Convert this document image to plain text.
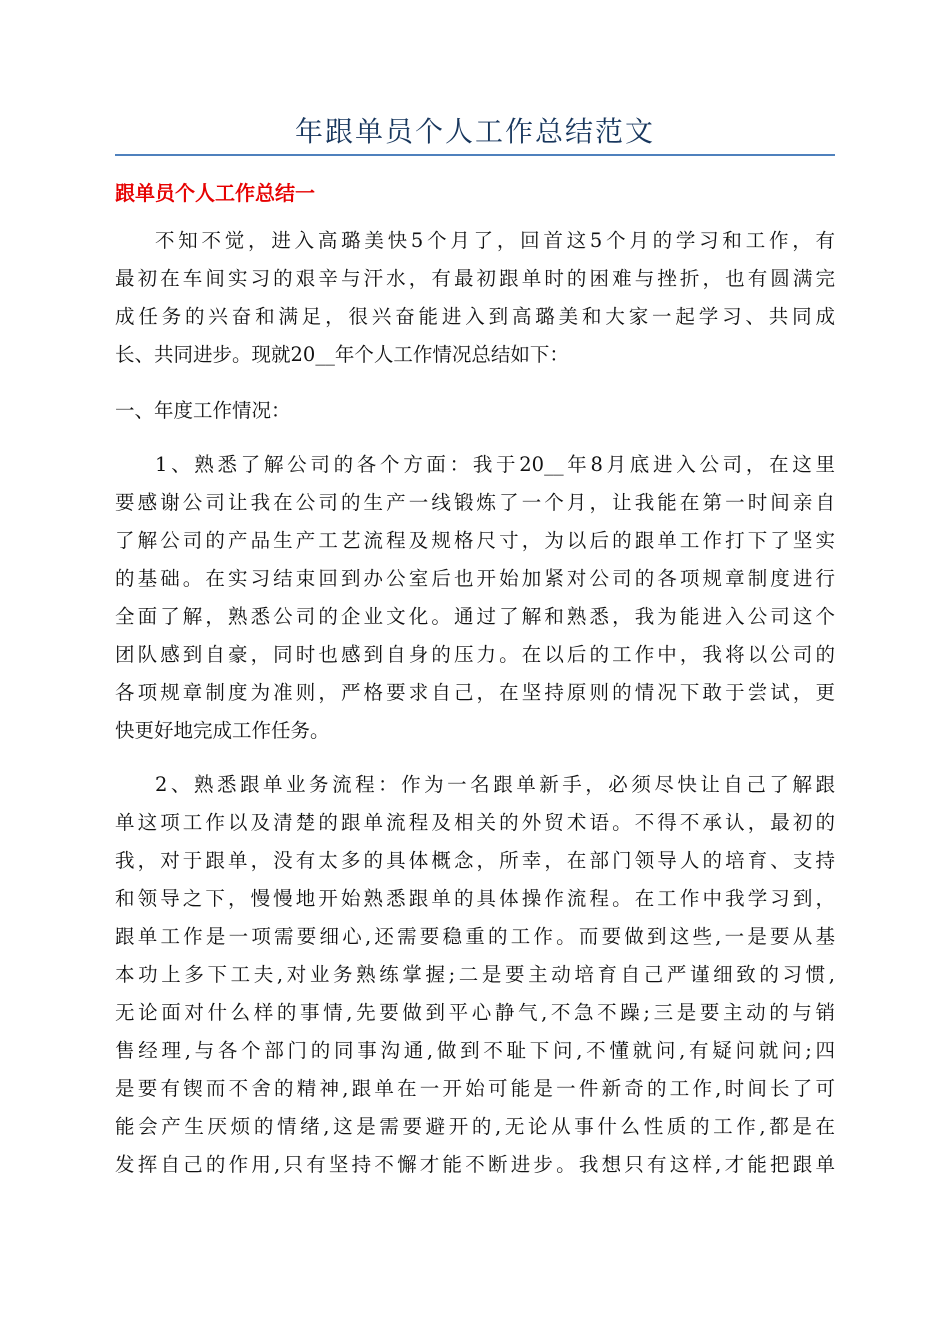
年跟单员个人工作总结范文
跟单员个人工作总结一
不知不觉，进入高璐美快5个月了，回首这5个月的学习和工作，有
最初在车间实习的艰辛与汗水，有最初跟单时的困难与挫折，也有圆满完
成任务的兴奋和满足，很兴奋能进入到高璐美和大家一起学习、共同成
长、共同进步。现就20__年个人工作情况总结如下：
一、年度工作情况：
1、熟悉了解公司的各个方面：我于20__年8月底进入公司，在这里
要感谢公司让我在公司的生产一线锻炼了一个月，让我能在第一时间亲自
了解公司的产品生产工艺流程及规格尺寸，为以后的跟单工作打下了坚实
的基础。在实习结束回到办公室后也开始加紧对公司的各项规章制度进行
全面了解，熟悉公司的企业文化。通过了解和熟悉，我为能进入公司这个
团队感到自豪，同时也感到自身的压力。在以后的工作中，我将以公司的
各项规章制度为准则，严格要求自己，在坚持原则的情况下敢于尝试，更
快更好地完成工作任务。
2、熟悉跟单业务流程：作为一名跟单新手，必须尽快让自己了解跟
单这项工作以及清楚的跟单流程及相关的外贸术语。不得不承认，最初的
我，对于跟单，没有太多的具体概念，所幸，在部门领导人的培育、支持
和领导之下，慢慢地开始熟悉跟单的具体操作流程。在工作中我学习到，
跟单工作是一项需要细心,还需要稳重的工作。而要做到这些,一是要从基
本功上多下工夫,对业务熟练掌握;二是要主动培育自己严谨细致的习惯,
无论面对什么样的事情,先要做到平心静气,不急不躁;三是要主动的与销
售经理,与各个部门的同事沟通,做到不耻下问,不懂就问,有疑问就问;四
是要有锲而不舍的精神,跟单在一开始可能是一件新奇的工作,时间长了可
能会产生厌烦的情绪,这是需要避开的,无论从事什么性质的工作,都是在
发挥自己的作用,只有坚持不懈才能不断进步。我想只有这样,才能把跟单
